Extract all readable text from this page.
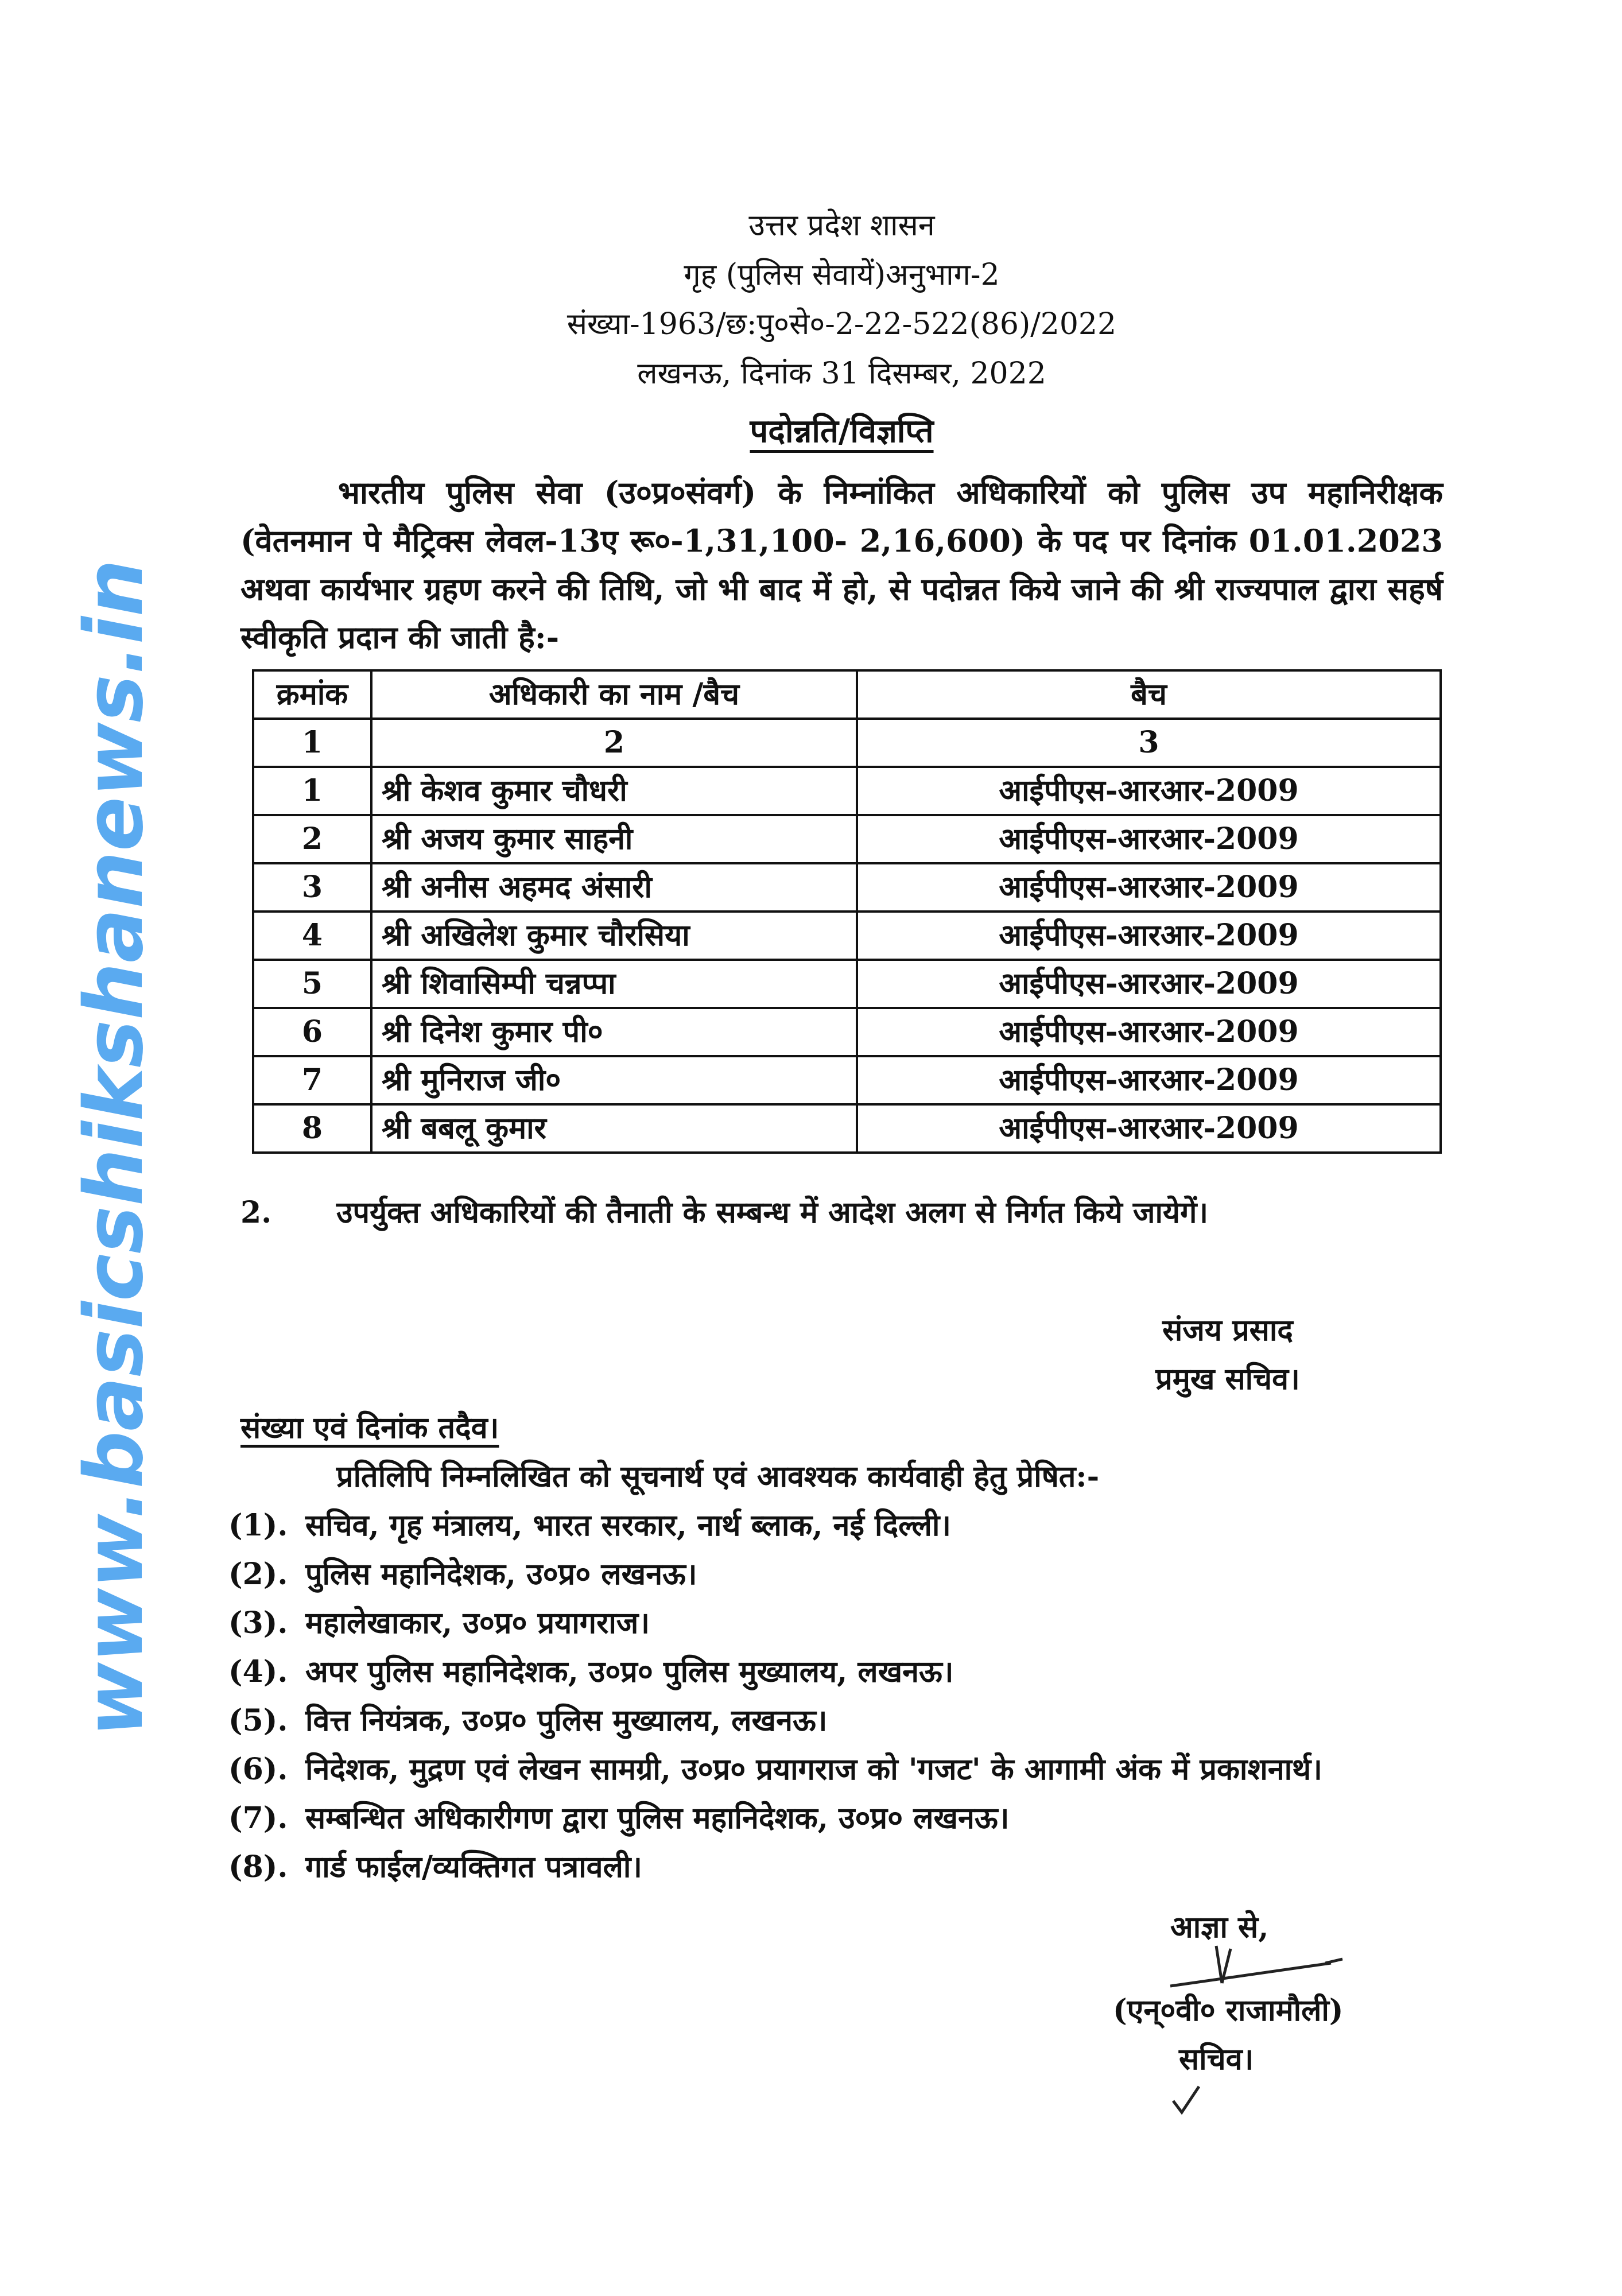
उत्तर प्रदेश शासन
गृह (पुलिस सेवायें)अनुभाग-2
संख्या-1963/छ:पु०से०-2-22-522(86)/2022
लखनऊ, दिनांक 31 दिसम्बर, 2022
पदोन्नति/विज्ञप्ति
भारतीय पुलिस सेवा (उ०प्र०संवर्ग) के निम्नांकित अधिकारियों को पुलिस उप महानिरीक्षक (वेतनमान पे मैट्रिक्स लेवल-13ए रू०-1,31,100- 2,16,600) के पद पर दिनांक 01.01.2023 अथवा कार्यभार ग्रहण करने की तिथि, जो भी बाद में हो, से पदोन्नत किये जाने की श्री राज्यपाल द्वारा सहर्ष स्वीकृति प्रदान की जाती है:-
क्रमांक	अधिकारी का नाम /बैच	बैच
1	2	3
1	श्री केशव कुमार चौधरी	आईपीएस-आरआर-2009
2	श्री अजय कुमार साहनी	आईपीएस-आरआर-2009
3	श्री अनीस अहमद अंसारी	आईपीएस-आरआर-2009
4	श्री अखिलेश कुमार चौरसिया	आईपीएस-आरआर-2009
5	श्री शिवासिम्पी चन्नप्पा	आईपीएस-आरआर-2009
6	श्री दिनेश कुमार पी०	आईपीएस-आरआर-2009
7	श्री मुनिराज जी०	आईपीएस-आरआर-2009
8	श्री बबलू कुमार	आईपीएस-आरआर-2009
2.	उपर्युक्त अधिकारियों की तैनाती के सम्बन्ध में आदेश अलग से निर्गत किये जायेगें।
संजय प्रसाद
प्रमुख सचिव।
संख्या एवं दिनांक तदैव।
प्रतिलिपि निम्नलिखित को सूचनार्थ एवं आवश्यक कार्यवाही हेतु प्रेषित:-
(1). सचिव, गृह मंत्रालय, भारत सरकार, नार्थ ब्लाक, नई दिल्ली।
(2). पुलिस महानिदेशक, उ०प्र० लखनऊ।
(3). महालेखाकार, उ०प्र० प्रयागराज।
(4). अपर पुलिस महानिदेशक, उ०प्र० पुलिस मुख्यालय, लखनऊ।
(5). वित्त नियंत्रक, उ०प्र० पुलिस मुख्यालय, लखनऊ।
(6). निदेशक, मुद्रण एवं लेखन सामग्री, उ०प्र० प्रयागराज को 'गजट' के आगामी अंक में प्रकाशनार्थ।
(7). सम्बन्धित अधिकारीगण द्वारा पुलिस महानिदेशक, उ०प्र० लखनऊ।
(8). गार्ड फाईल/व्यक्तिगत पत्रावली।
आज्ञा से,
(एन्०वी० राजामौली)
सचिव।
www.basicshikshanews.in
